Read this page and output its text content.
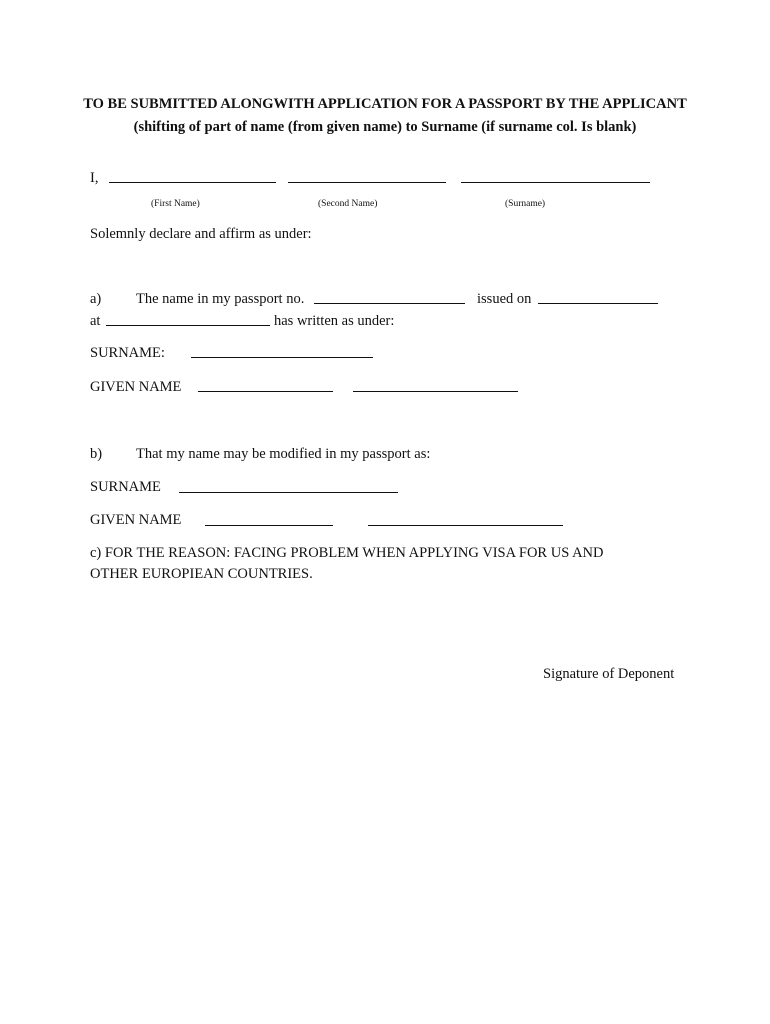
TO BE SUBMITTED ALONGWITH APPLICATION FOR A PASSPORT BY THE APPLICANT (shifting of part of name (from given name) to Surname (if surname col. Is blank)
I,
(First Name)	(Second Name)	(Surname)
Solemnly declare and affirm as under:
a) The name in my passport no.	issued on
at	has written as under:
SURNAME:
GIVEN NAME
b) That my name may be modified in my passport as:
SURNAME
GIVEN NAME
c) FOR THE REASON: FACING PROBLEM WHEN APPLYING VISA FOR US AND
OTHER EUROPIEAN COUNTRIES.
Signature of Deponent
